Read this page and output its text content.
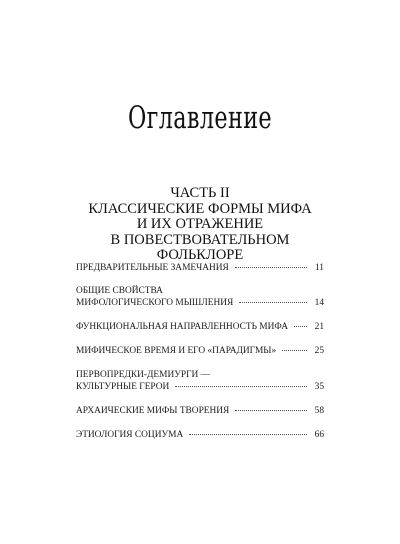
Оглавление
ЧАСТЬ II
КЛАССИЧЕСКИЕ ФОРМЫ МИФА
И ИХ ОТРАЖЕНИЕ
В ПОВЕСТВОВАТЕЛЬНОМ
ФОЛЬКЛОРЕ
ПРЕДВАРИТЕЛЬНЫЕ ЗАМЕЧАНИЯ	11
ОБЩИЕ СВОЙСТВА
МИФОЛОГИЧЕСКОГО МЫШЛЕНИЯ	14
ФУНКЦИОНАЛЬНАЯ НАПРАВЛЕННОСТЬ МИФА	21
МИФИЧЕСКОЕ ВРЕМЯ И ЕГО «ПАРАДИГМЫ»	25
ПЕРВОПРЕДКИ-ДЕМИУРГИ —
КУЛЬТУРНЫЕ ГЕРОИ	35
АРХАИЧЕСКИЕ МИФЫ ТВОРЕНИЯ	58
ЭТИОЛОГИЯ СОЦИУМА	66
